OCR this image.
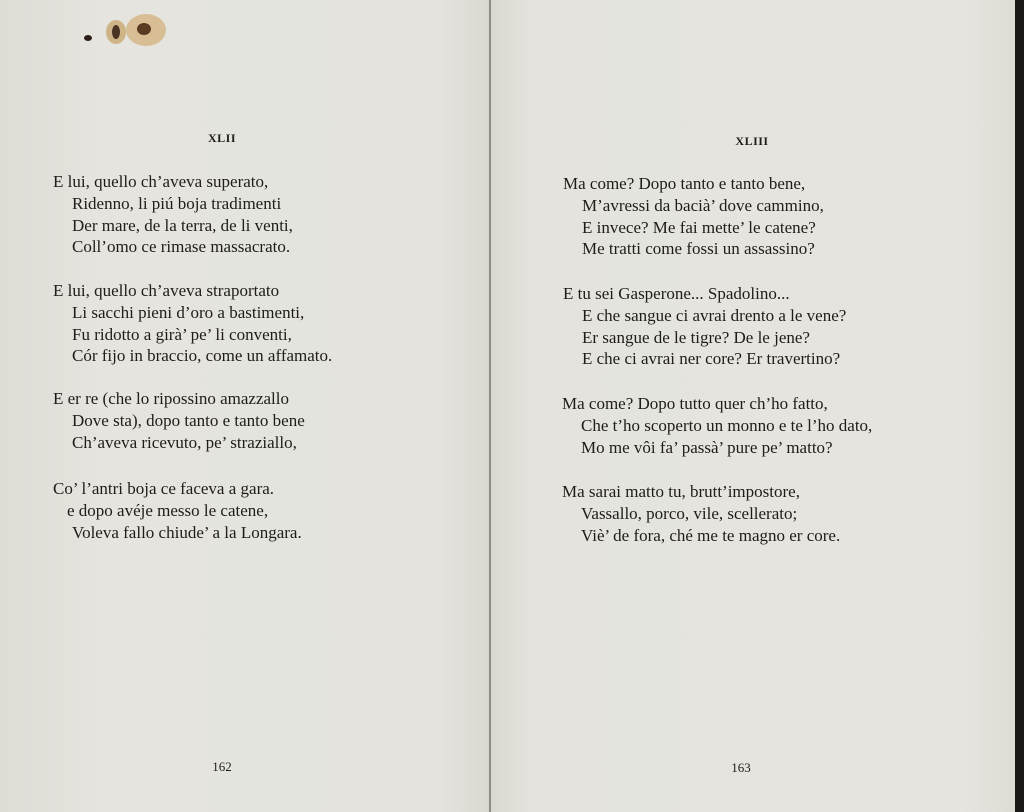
XLII
E lui, quello ch’aveva superato,
Ridenno, li piú boja tradimenti
Der mare, de la terra, de li venti,
Coll’omo ce rimase massacrato.
E lui, quello ch’aveva straportato
Li sacchi pieni d’oro a bastimenti,
Fu ridotto a girà’ pe’ li conventi,
Cór fijo in braccio, come un affamato.
E er re (che lo ripossino amazzallo
Dove sta), dopo tanto e tanto bene
Ch’aveva ricevuto, pe’ straziallo,
Co’ l’antri boja ce faceva a gara.
e dopo avéje messo le catene,
Voleva fallo chiude’ a la Longara.
162
XLIII
Ma come? Dopo tanto e tanto bene,
M’avressi da bacià’ dove cammino,
E invece? Me fai mette’ le catene?
Me tratti come fossi un assassino?
E tu sei Gasperone... Spadolino...
E che sangue ci avrai drento a le vene?
Er sangue de le tigre? De le jene?
E che ci avrai ner core? Er travertino?
Ma come? Dopo tutto quer ch’ho fatto,
Che t’ho scoperto un monno e te l’ho dato,
Mo me vôi fa’ passà’ pure pe’ matto?
Ma sarai matto tu, brutt’impostore,
Vassallo, porco, vile, scellerato;
Viè’ de fora, ché me te magno er core.
163
